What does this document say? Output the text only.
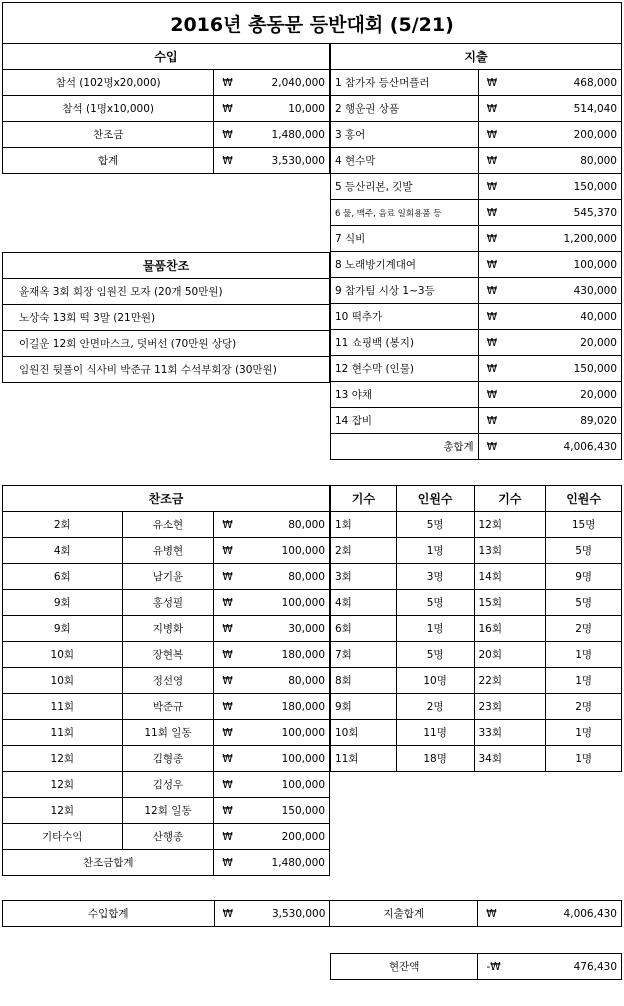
2016년 총동문 등반대회 (5/21)
수입	
참석 (102명x20,000)	₩ 2,040,000

참석 (1명x10,000)	₩ 10,000

찬조금	₩ 1,480,000

합계	₩ 3,530,000
지출	
1 참가자 등산머플러	₩ 468,000

2 행운권 상품	₩ 514,040

3 홍어	₩ 200,000

4 현수막	₩ 80,000

5 등산리본, 깃발	₩ 150,000

6 물, 맥주, 음료 일회용품 등	₩ 545,370

7 식비	₩ 1,200,000

8 노래방기계대여	₩ 100,000

9 참가팀 시상 1~3등	₩ 430,000

10 떡추가	₩ 40,000

11 쇼핑백 (봉지)	₩ 20,000

12 현수막 (인물)	₩ 150,000

13 야채	₩ 20,000

14 잡비	₩ 89,020

총합계	₩ 4,006,430
물품찬조
윤재옥 3회 회장 임원진 모자 (20개 50만원)
노상숙 13회 떡 3말 (21만원)
이길운 12회 안면마스크, 덧버선 (70만원 상당)
임원진 뒷풀이 식사비 박준규 11회 수석부회장 (30만원)
찬조금		
2회	유소현	₩ 80,000

4회	유병현	₩ 100,000

6회	남기윤	₩ 80,000

9회	홍성필	₩ 100,000

9회	지병화	₩ 30,000

10회	장현복	₩ 180,000

10회	정선영	₩ 80,000

11회	박준규	₩ 180,000

11회	11회 일동	₩ 100,000

12회	김형종	₩ 100,000

12회	김성우	₩ 100,000

12회	12회 일동	₩ 150,000

기타수익	산행종	₩ 200,000

찬조금합계		₩ 1,480,000
기수	인원수	기수	인원수
1회	5명	12회	15명
2회	1명	13회	5명
3회	3명	14회	9명
4회	5명	15회	5명
6회	1명	16회	2명
7회	5명	20회	1명
8회	10명	22회	1명
9회	2명	23회	2명
10회	11명	33회	1명
11회	18명	34회	1명
수입합계	₩	3,530,000	지출합계	₩	4,006,430
현잔액	-₩	476,430
